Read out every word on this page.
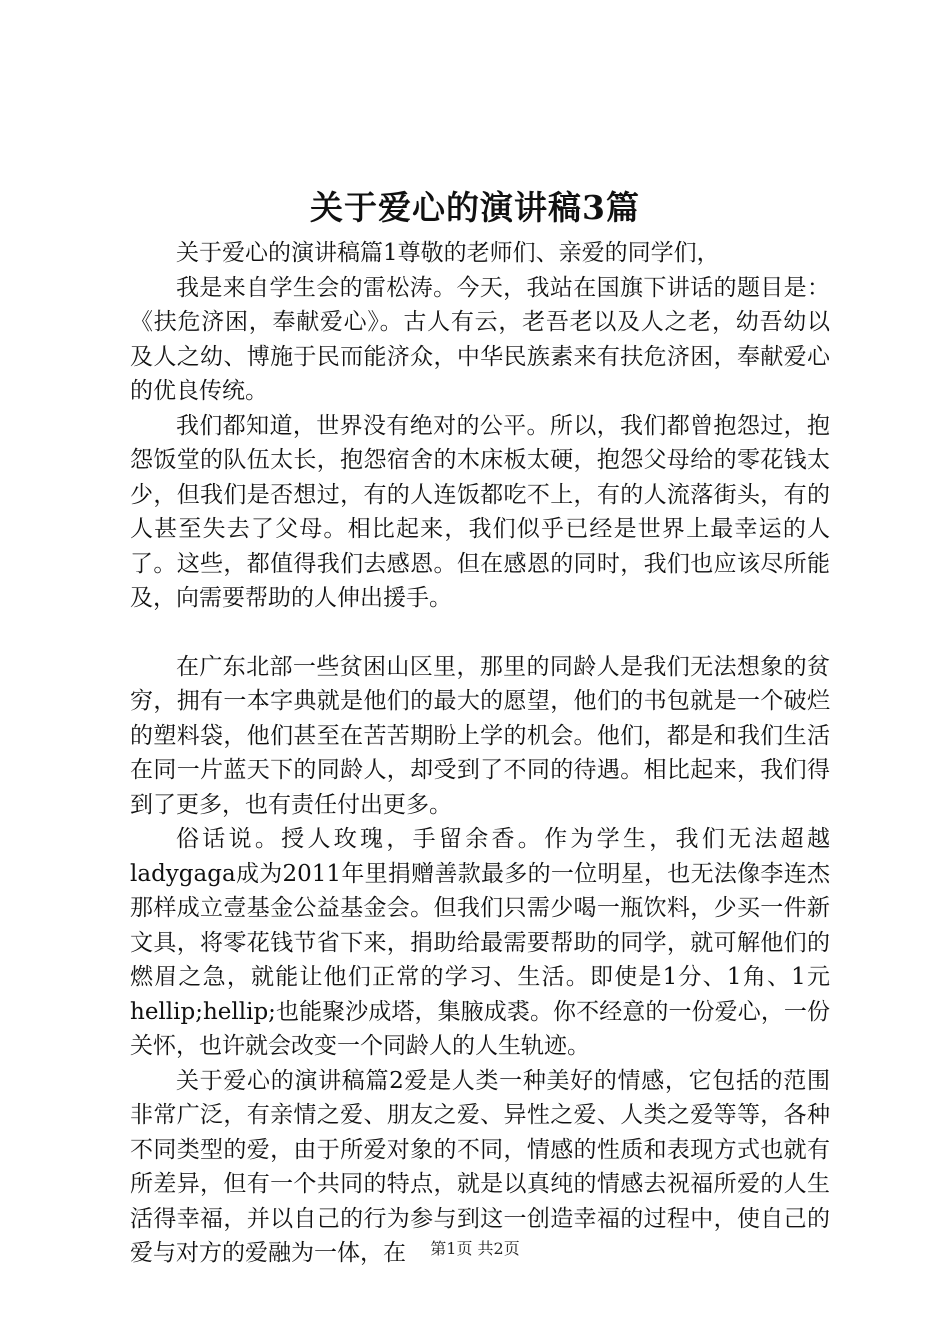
关于爱心的演讲稿3篇

关于爱心的演讲稿篇1尊敬的老师们、亲爱的同学们，

我是来自学生会的雷松涛。今天，我站在国旗下讲话的题目是：《扶危济困，奉献爱心》。古人有云，老吾老以及人之老，幼吾幼以及人之幼、博施于民而能济众，中华民族素来有扶危济困，奉献爱心的优良传统。

我们都知道，世界没有绝对的公平。所以，我们都曾抱怨过，抱怨饭堂的队伍太长，抱怨宿舍的木床板太硬，抱怨父母给的零花钱太少，但我们是否想过，有的人连饭都吃不上，有的人流落街头，有的人甚至失去了父母。相比起来，我们似乎已经是世界上最幸运的人了。这些，都值得我们去感恩。但在感恩的同时，我们也应该尽所能及，向需要帮助的人伸出援手。

在广东北部一些贫困山区里，那里的同龄人是我们无法想象的贫穷，拥有一本字典就是他们的最大的愿望，他们的书包就是一个破烂的塑料袋，他们甚至在苦苦期盼上学的机会。他们，都是和我们生活在同一片蓝天下的同龄人，却受到了不同的待遇。相比起来，我们得到了更多，也有责任付出更多。

俗话说。授人玫瑰，手留余香。作为学生，我们无法超越ladygaga成为2011年里捐赠善款最多的一位明星，也无法像李连杰那样成立壹基金公益基金会。但我们只需少喝一瓶饮料，少买一件新文具，将零花钱节省下来，捐助给最需要帮助的同学，就可解他们的燃眉之急，就能让他们正常的学习、生活。即使是1分、1角、1元hellip;hellip;也能聚沙成塔，集腋成裘。你不经意的一份爱心，一份关怀，也许就会改变一个同龄人的人生轨迹。

关于爱心的演讲稿篇2爱是人类一种美好的情感，它包括的范围非常广泛，有亲情之爱、朋友之爱、异性之爱、人类之爱等等，各种不同类型的爱，由于所爱对象的不同，情感的性质和表现方式也就有所差异，但有一个共同的特点，就是以真纯的情感去祝福所爱的人生活得幸福，并以自己的行为参与到这一创造幸福的过程中，使自己的爱与对方的爱融为一体，在	第1页 共2页
